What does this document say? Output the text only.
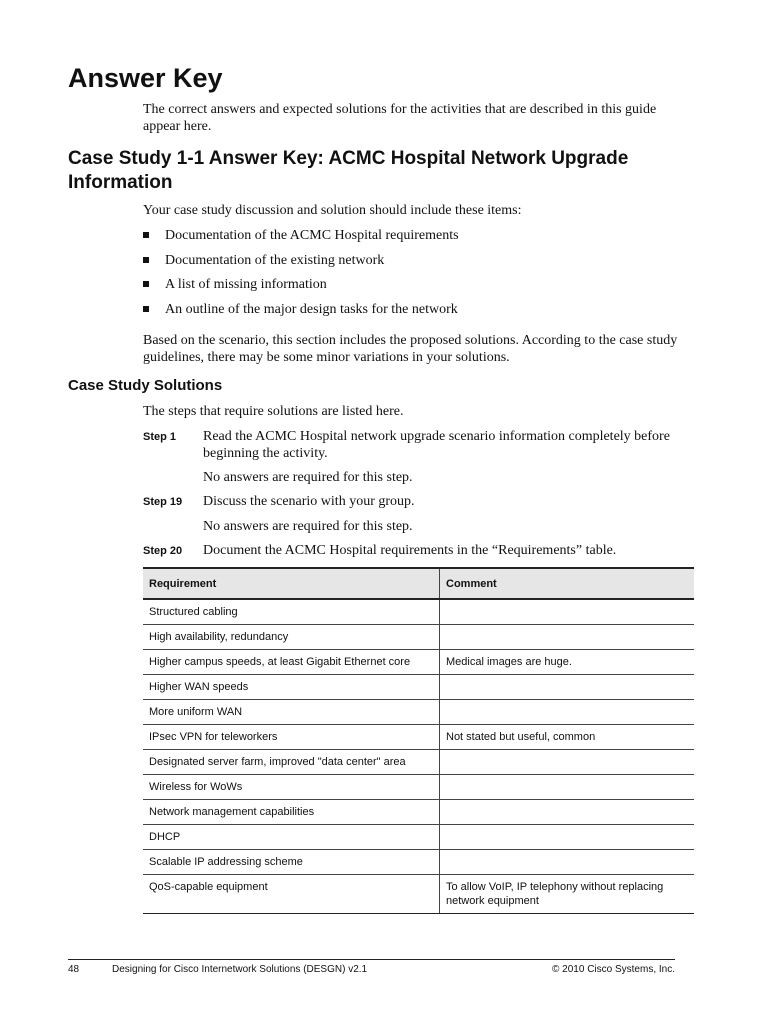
Answer Key

The correct answers and expected solutions for the activities that are described in this guide appear here.

Case Study 1-1 Answer Key: ACMC Hospital Network Upgrade Information

Your case study discussion and solution should include these items:

Documentation of the ACMC Hospital requirements
Documentation of the existing network
A list of missing information
An outline of the major design tasks for the network

Based on the scenario, this section includes the proposed solutions. According to the case study guidelines, there may be some minor variations in your solutions.

Case Study Solutions

The steps that require solutions are listed here.

Step 1 Read the ACMC Hospital network upgrade scenario information completely before beginning the activity.

No answers are required for this step.

Step 19 Discuss the scenario with your group.

No answers are required for this step.

Step 20 Document the ACMC Hospital requirements in the “Requirements” table.

Requirement	Comment
Structured cabling	
High availability, redundancy	
Higher campus speeds, at least Gigabit Ethernet core	Medical images are huge.
Higher WAN speeds	
More uniform WAN	
IPsec VPN for teleworkers	Not stated but useful, common
Designated server farm, improved "data center" area	
Wireless for WoWs	
Network management capabilities	
DHCP	
Scalable IP addressing scheme	
QoS-capable equipment	To allow VoIP, IP telephony without replacing network equipment
48	Designing for Cisco Internetwork Solutions (DESGN) v2.1	© 2010 Cisco Systems, Inc.
